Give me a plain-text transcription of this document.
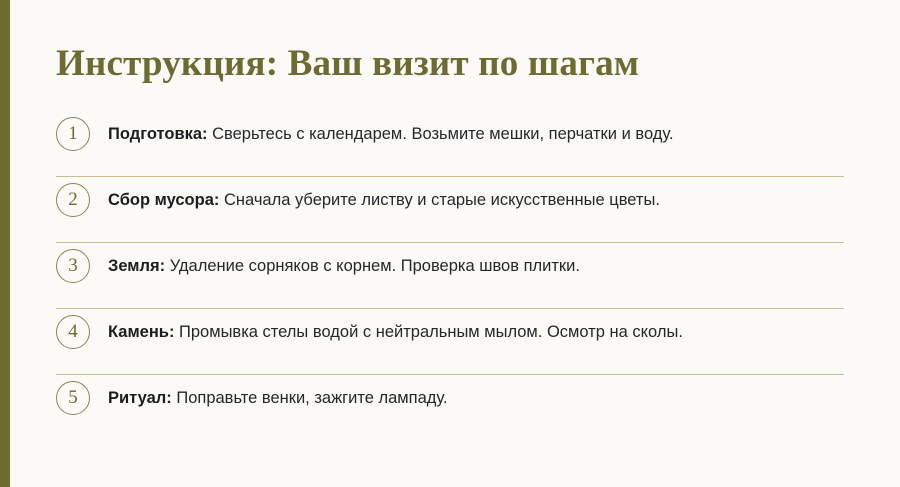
Инструкция: Ваш визит по шагам
1	Подготовка: Сверьтесь с календарем. Возьмите мешки, перчатки и воду.
2	Сбор мусора: Сначала уберите листву и старые искусственные цветы.
3	Земля: Удаление сорняков с корнем. Проверка швов плитки.
4	Камень: Промывка стелы водой с нейтральным мылом. Осмотр на сколы.
5	Ритуал: Поправьте венки, зажгите лампаду.
